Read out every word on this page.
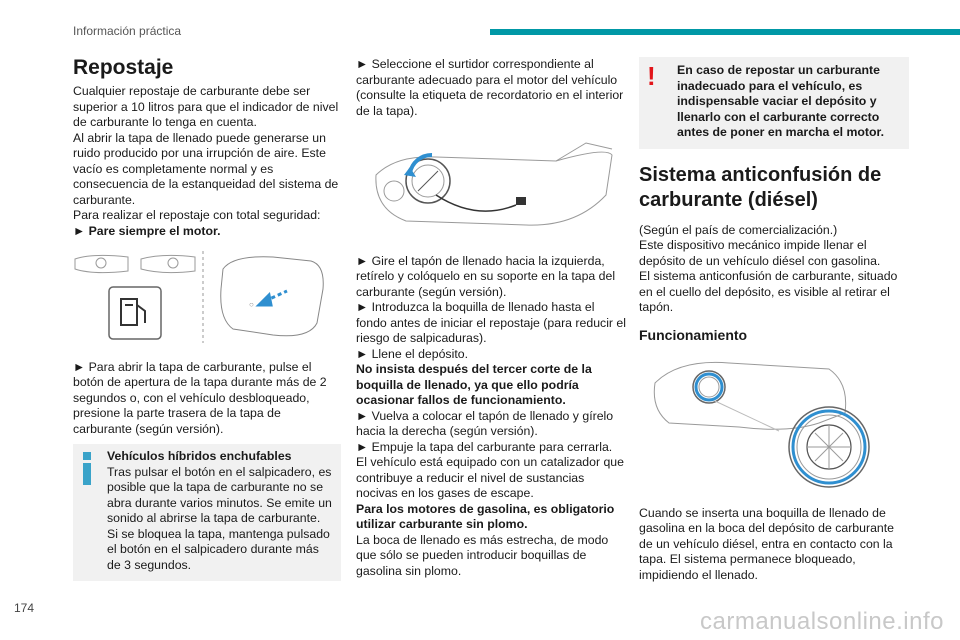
Información práctica
Repostaje

Cualquier repostaje de carburante debe ser superior a 10 litros para que el indicador de nivel de carburante lo tenga en cuenta.

Al abrir la tapa de llenado puede generarse un ruido producido por una irrupción de aire. Este vacío es completamente normal y es consecuencia de la estanqueidad del sistema de carburante.

Para realizar el repostaje con total seguridad:

► Pare siempre el motor.

○

► Para abrir la tapa de carburante, pulse el botón de apertura de la tapa durante más de 2 segundos o, con el vehículo desbloqueado, presione la parte trasera de la tapa de carburante (según versión).

Vehículos híbridos enchufables

Tras pulsar el botón en el salpicadero, es posible que la tapa de carburante no se abra durante varios minutos. Se emite un sonido al abrirse la tapa de carburante.

Si se bloquea la tapa, mantenga pulsado el botón en el salpicadero durante más de 3 segundos.

► Seleccione el surtidor correspondiente al carburante adecuado para el motor del vehículo (consulte la etiqueta de recordatorio en el interior de la tapa).

► Gire el tapón de llenado hacia la izquierda, retírelo y colóquelo en su soporte en la tapa del carburante (según versión).

► Introduzca la boquilla de llenado hasta el fondo antes de iniciar el repostaje (para reducir el riesgo de salpicaduras).

► Llene el depósito.

No insista después del tercer corte de la boquilla de llenado, ya que ello podría ocasionar fallos de funcionamiento.

► Vuelva a colocar el tapón de llenado y gírelo hacia la derecha (según versión).

► Empuje la tapa del carburante para cerrarla.

El vehículo está equipado con un catalizador que contribuye a reducir el nivel de sustancias nocivas en los gases de escape.

Para los motores de gasolina, es obligatorio utilizar carburante sin plomo.

La boca de llenado es más estrecha, de modo que sólo se pueden introducir boquillas de gasolina sin plomo.

!	En caso de repostar un carburante inadecuado para el vehículo, es indispensable vaciar el depósito y llenarlo con el carburante correcto antes de poner en marcha el motor.

Sistema anticonfusión de carburante (diésel)

(Según el país de comercialización.)

Este dispositivo mecánico impide llenar el depósito de un vehículo diésel con gasolina.

El sistema anticonfusión de carburante, situado en el cuello del depósito, es visible al retirar el tapón.

Funcionamiento

Cuando se inserta una boquilla de llenado de gasolina en la boca del depósito de carburante de un vehículo diésel, entra en contacto con la tapa. El sistema permanece bloqueado, impidiendo el llenado.

174	carmanualsonline.info
